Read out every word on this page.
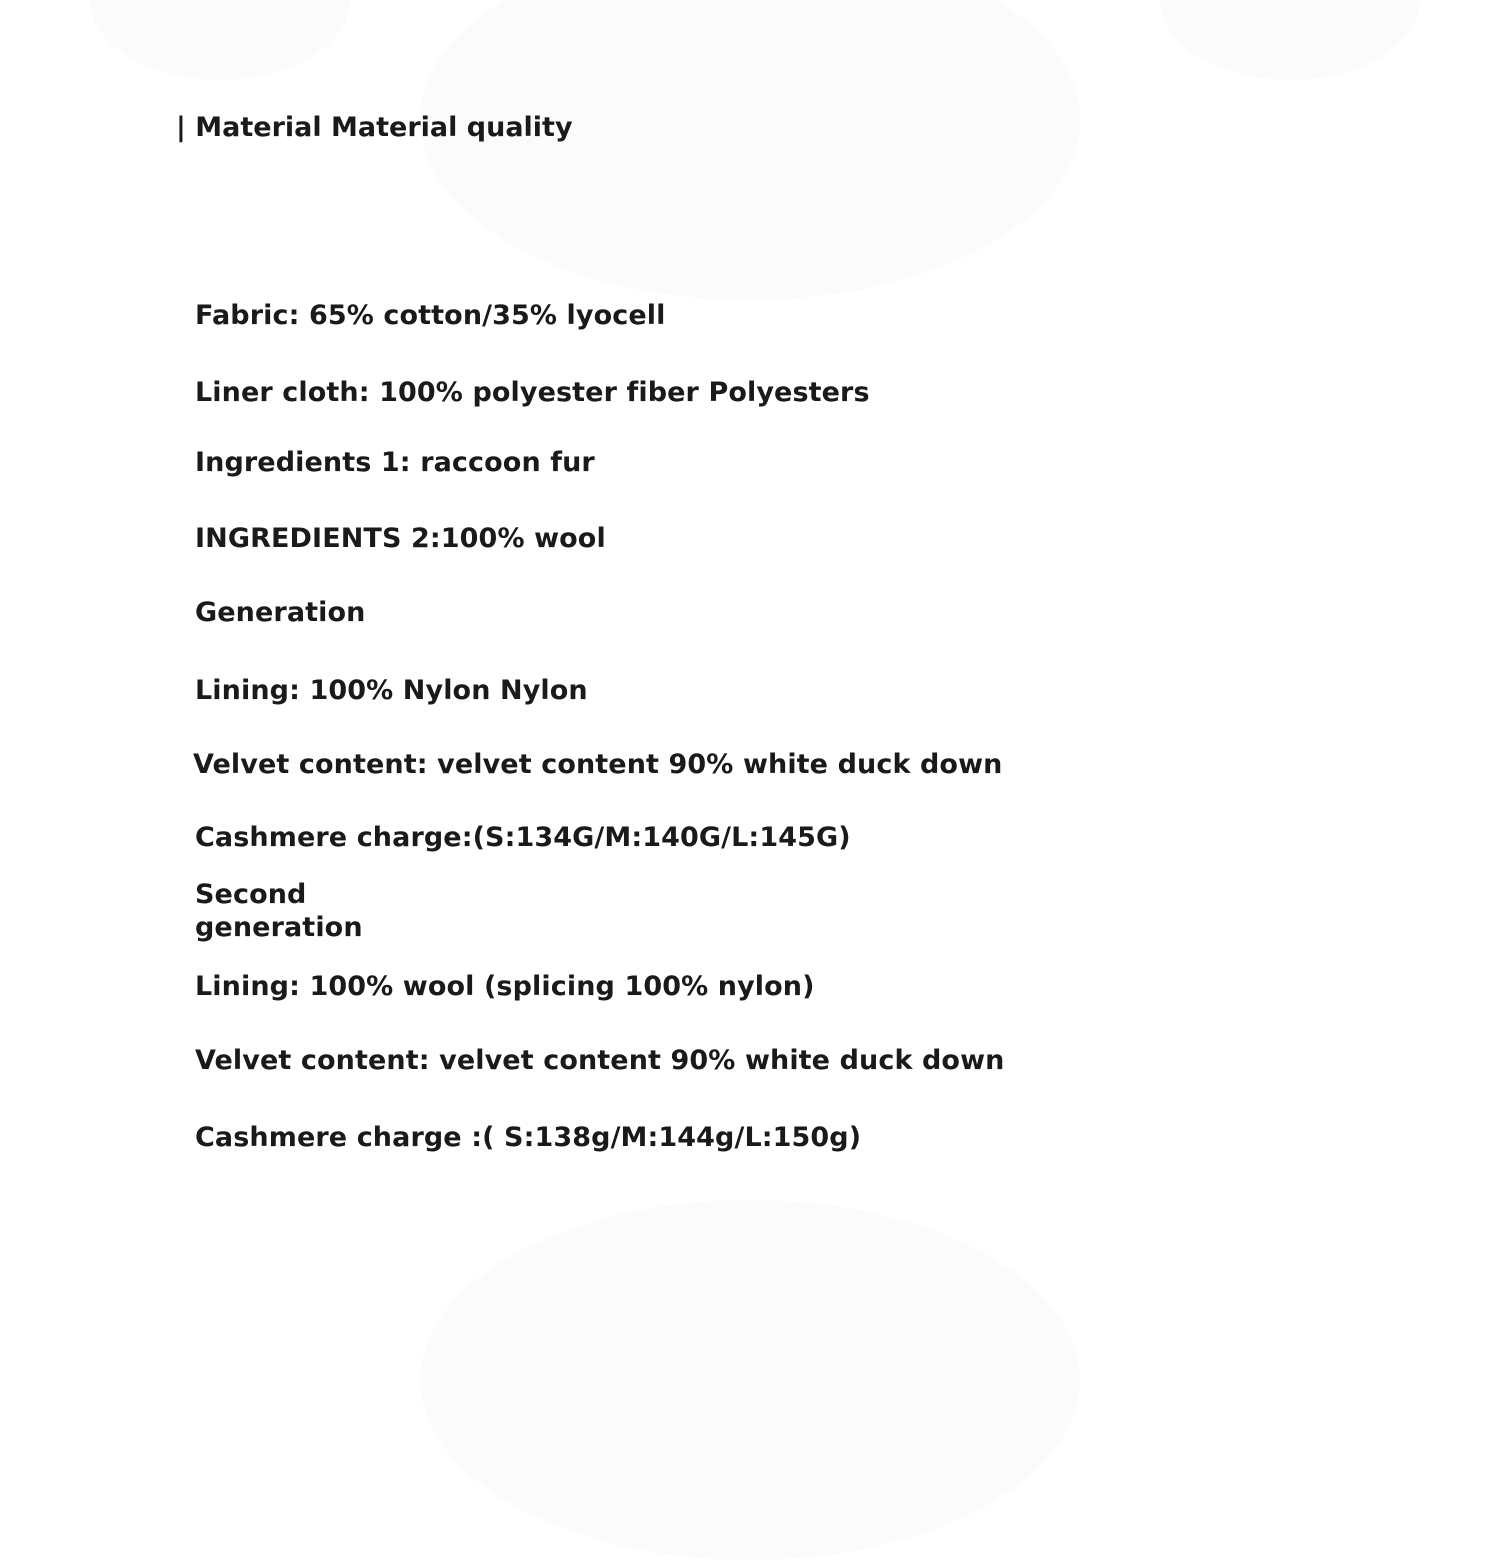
| Material Material quality
Fabric: 65% cotton/35% lyocell
Liner cloth: 100% polyester fiber Polyesters
Ingredients 1: raccoon fur
INGREDIENTS 2:100% wool
Generation
Lining: 100% Nylon Nylon
Velvet content: velvet content 90% white duck down
Cashmere charge:(S:134G/M:140G/L:145G)
Second generation
Lining: 100% wool (splicing 100% nylon)
Velvet content: velvet content 90% white duck down
Cashmere charge :( S:138g/M:144g/L:150g)
